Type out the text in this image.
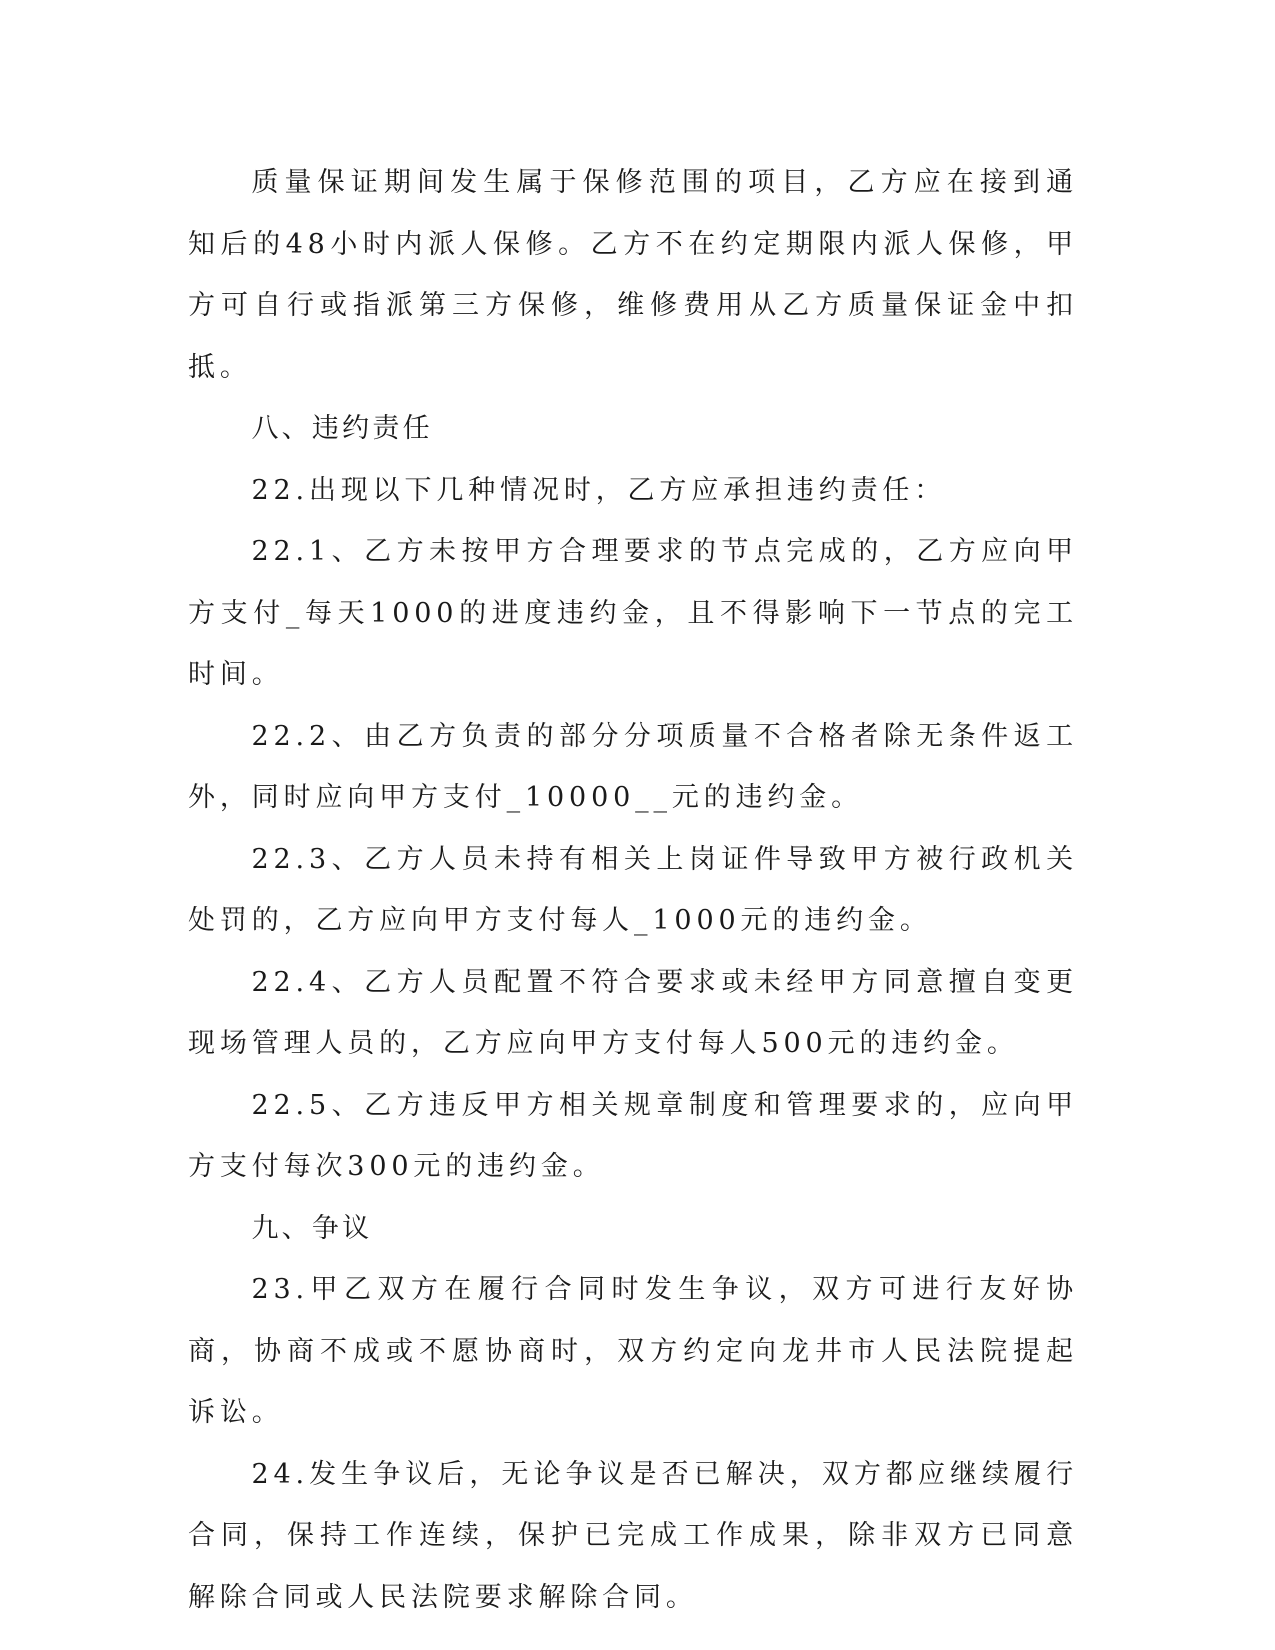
质量保证期间发生属于保修范围的项目，乙方应在接到通知后的48小时内派人保修。乙方不在约定期限内派人保修，甲方可自行或指派第三方保修，维修费用从乙方质量保证金中扣抵。

八、违约责任

22.出现以下几种情况时，乙方应承担违约责任：

22.1、乙方未按甲方合理要求的节点完成的，乙方应向甲方支付_每天1000的进度违约金，且不得影响下一节点的完工时间。

22.2、由乙方负责的部分分项质量不合格者除无条件返工外，同时应向甲方支付_10000__元的违约金。

22.3、乙方人员未持有相关上岗证件导致甲方被行政机关处罚的，乙方应向甲方支付每人_1000元的违约金。

22.4、乙方人员配置不符合要求或未经甲方同意擅自变更现场管理人员的，乙方应向甲方支付每人500元的违约金。

22.5、乙方违反甲方相关规章制度和管理要求的，应向甲方支付每次300元的违约金。

九、争议

23.甲乙双方在履行合同时发生争议，双方可进行友好协商，协商不成或不愿协商时，双方约定向龙井市人民法院提起诉讼。

24.发生争议后，无论争议是否已解决，双方都应继续履行合同，保持工作连续，保护已完成工作成果，除非双方已同意解除合同或人民法院要求解除合同。
